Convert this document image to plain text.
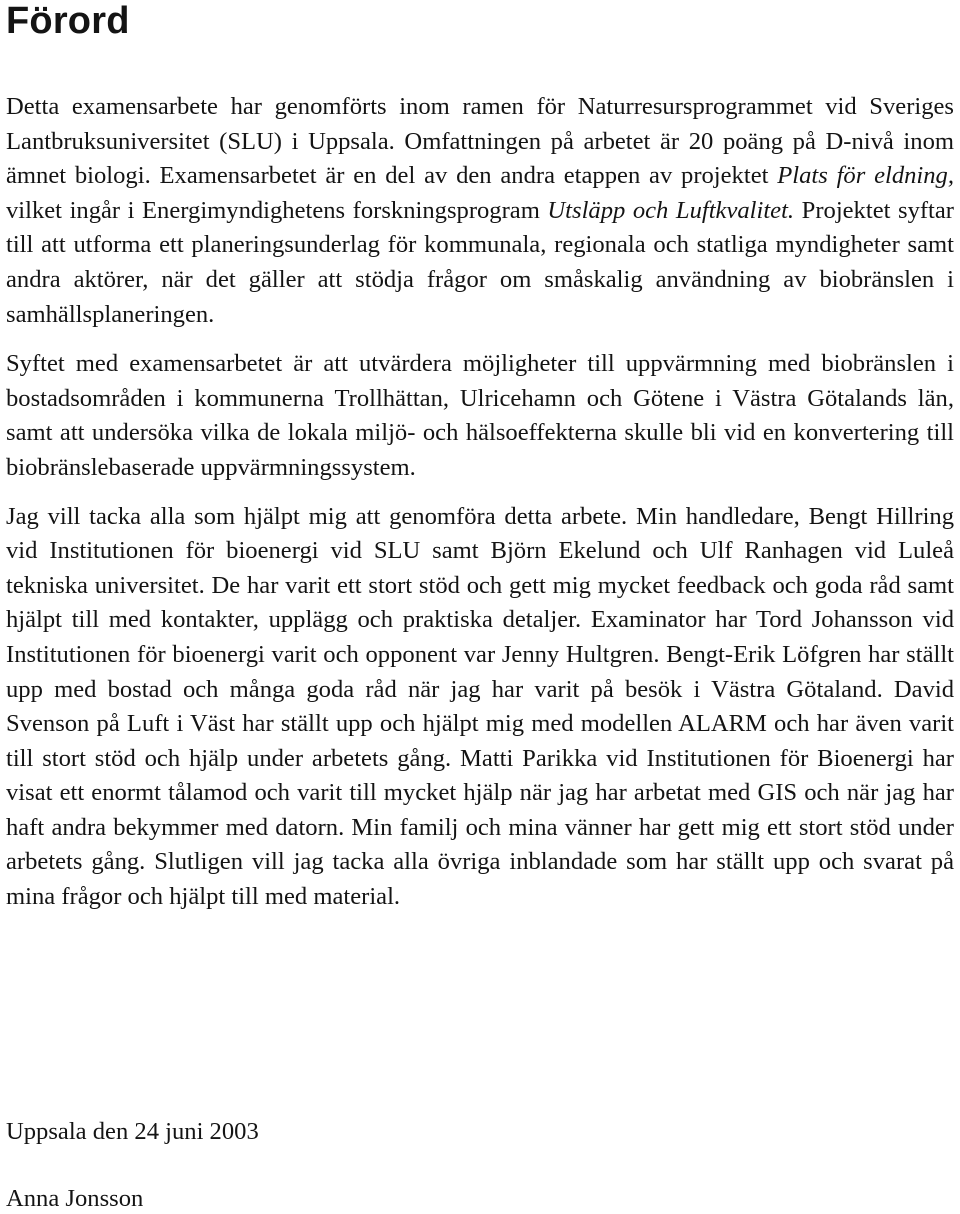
Förord

Detta examensarbete har genomförts inom ramen för Naturresursprogrammet vid Sveriges Lantbruksuniversitet (SLU) i Uppsala. Omfattningen på arbetet är 20 poäng på D-nivå inom ämnet biologi. Examensarbetet är en del av den andra etappen av projektet Plats för eldning, vilket ingår i Energimyndighetens forskningsprogram Utsläpp och Luftkvalitet. Projektet syftar till att utforma ett planeringsunderlag för kommunala, regionala och statliga myndigheter samt andra aktörer, när det gäller att stödja frågor om småskalig användning av biobränslen i samhällsplaneringen.

Syftet med examensarbetet är att utvärdera möjligheter till uppvärmning med biobränslen i bostadsområden i kommunerna Trollhättan, Ulricehamn och Götene i Västra Götalands län, samt att undersöka vilka de lokala miljö- och hälsoeffekterna skulle bli vid en konvertering till biobränslebaserade uppvärmningssystem.

Jag vill tacka alla som hjälpt mig att genomföra detta arbete. Min handledare, Bengt Hillring vid Institutionen för bioenergi vid SLU samt Björn Ekelund och Ulf Ranhagen vid Luleå tekniska universitet. De har varit ett stort stöd och gett mig mycket feedback och goda råd samt hjälpt till med kontakter, upplägg och praktiska detaljer. Examinator har Tord Johansson vid Institutionen för bioenergi varit och opponent var Jenny Hultgren. Bengt-Erik Löfgren har ställt upp med bostad och många goda råd när jag har varit på besök i Västra Götaland. David Svenson på Luft i Väst har ställt upp och hjälpt mig med modellen ALARM och har även varit till stort stöd och hjälp under arbetets gång. Matti Parikka vid Institutionen för Bioenergi har visat ett enormt tålamod och varit till mycket hjälp när jag har arbetat med GIS och när jag har haft andra bekymmer med datorn. Min familj och mina vänner har gett mig ett stort stöd under arbetets gång. Slutligen vill jag tacka alla övriga inblandade som har ställt upp och svarat på mina frågor och hjälpt till med material.

Uppsala den 24 juni 2003
Anna Jonsson
